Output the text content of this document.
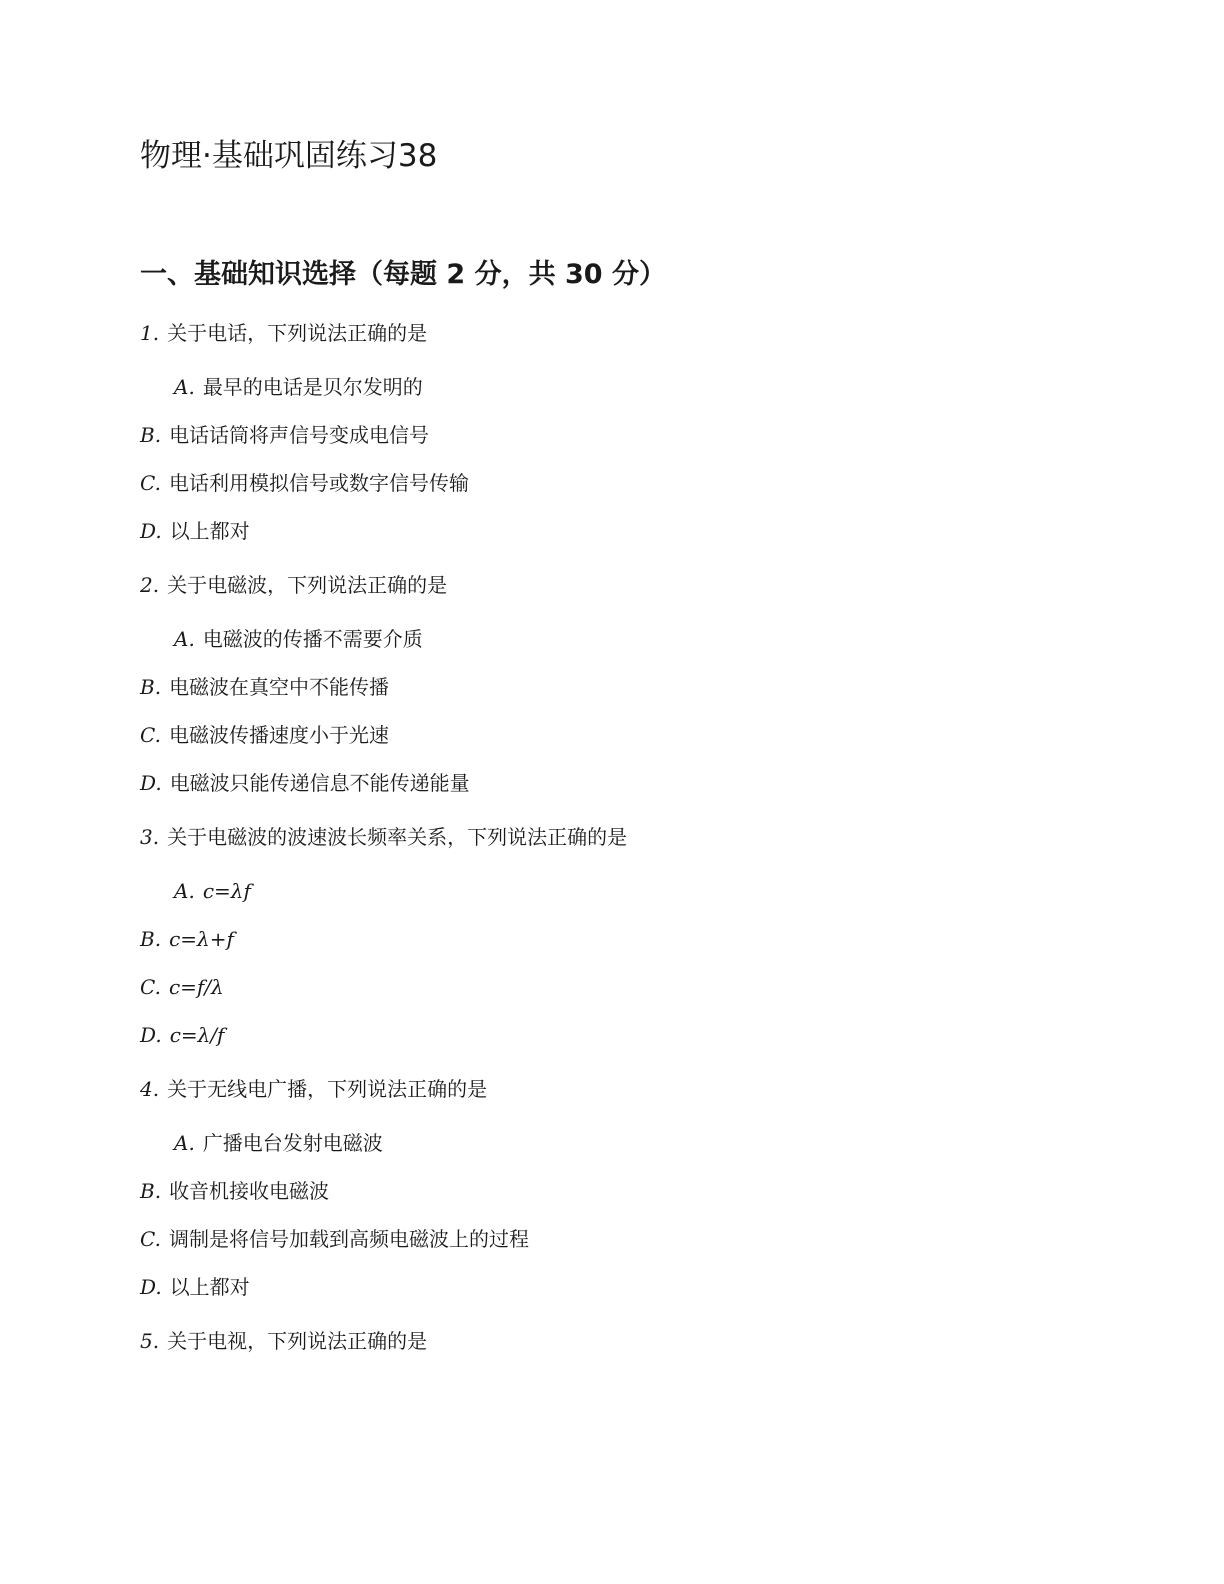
物理·基础巩固练习38
一、基础知识选择（每题 2 分，共 30 分）
1. 关于电话，下列说法正确的是
A. 最早的电话是贝尔发明的
B. 电话话筒将声信号变成电信号
C. 电话利用模拟信号或数字信号传输
D. 以上都对
2. 关于电磁波，下列说法正确的是
A. 电磁波的传播不需要介质
B. 电磁波在真空中不能传播
C. 电磁波传播速度小于光速
D. 电磁波只能传递信息不能传递能量
3. 关于电磁波的波速波长频率关系，下列说法正确的是
A. c=λf
B. c=λ+f
C. c=f/λ
D. c=λ/f
4. 关于无线电广播，下列说法正确的是
A. 广播电台发射电磁波
B. 收音机接收电磁波
C. 调制是将信号加载到高频电磁波上的过程
D. 以上都对
5. 关于电视，下列说法正确的是
